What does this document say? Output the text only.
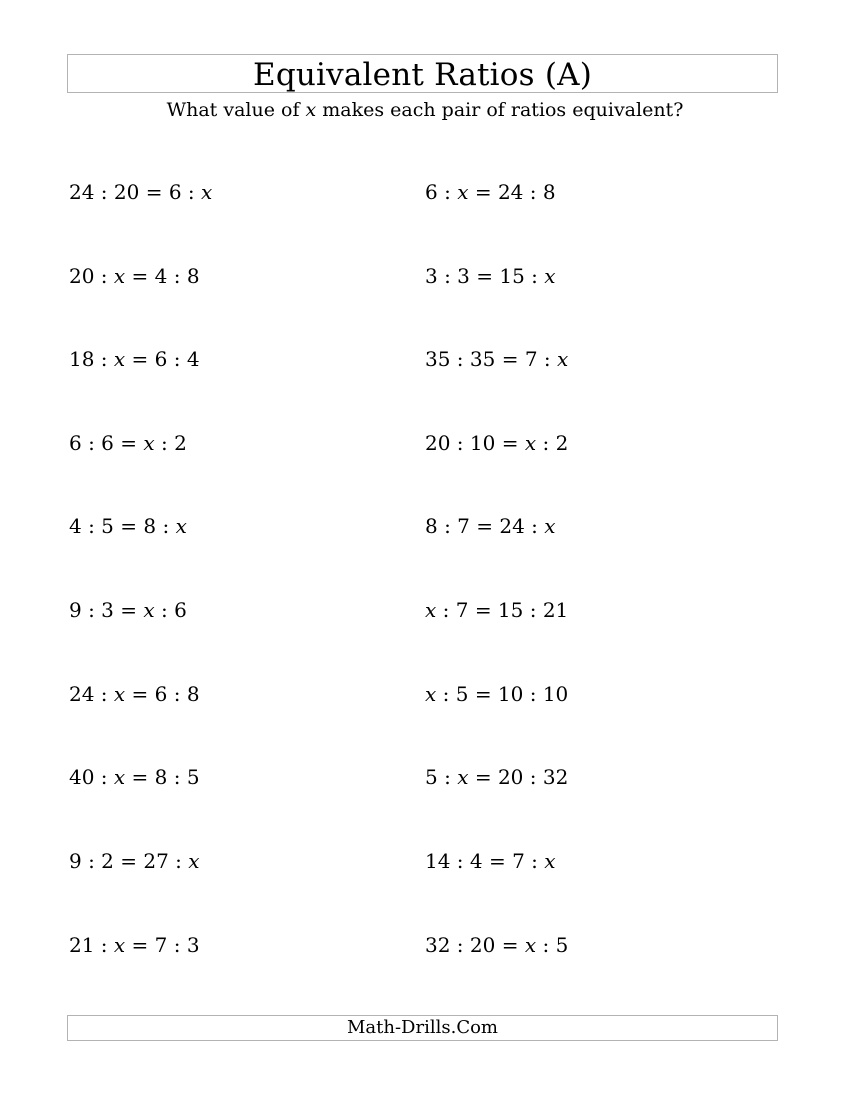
Equivalent Ratios (A)
What value of x makes each pair of ratios equivalent?
24 : 20 = 6 : x
20 : x = 4 : 8
18 : x = 6 : 4
6 : 6 = x : 2
4 : 5 = 8 : x
9 : 3 = x : 6
24 : x = 6 : 8
40 : x = 8 : 5
9 : 2 = 27 : x
21 : x = 7 : 3
6 : x = 24 : 8
3 : 3 = 15 : x
35 : 35 = 7 : x
20 : 10 = x : 2
8 : 7 = 24 : x
x : 7 = 15 : 21
x : 5 = 10 : 10
5 : x = 20 : 32
14 : 4 = 7 : x
32 : 20 = x : 5
Math-Drills.Com
